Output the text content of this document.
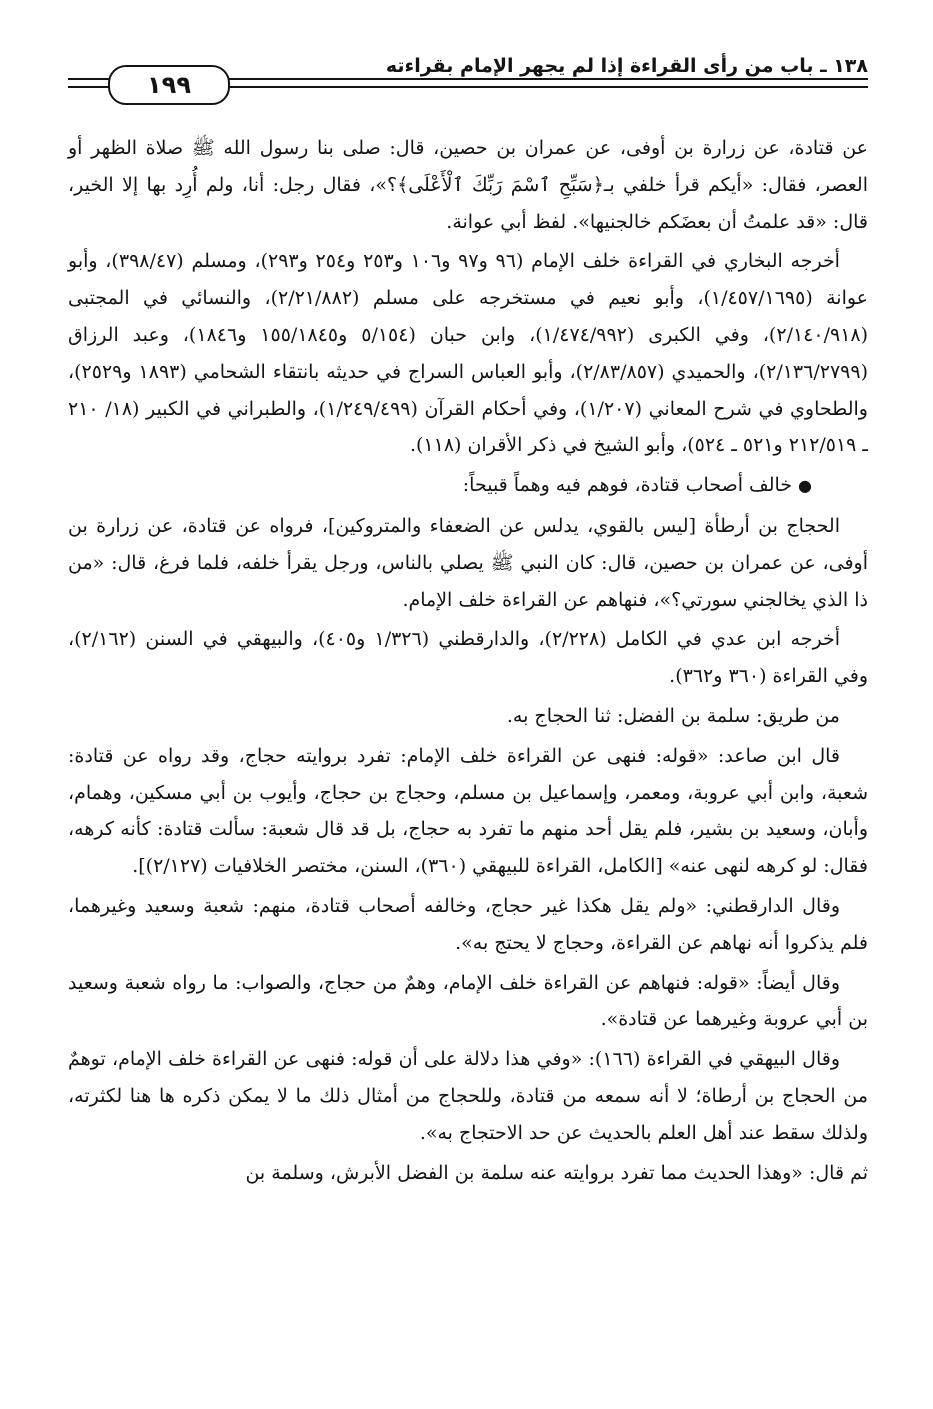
١٩٩
١٣٨ ـ باب من رأى القراءة إذا لم يجهر الإمام بقراءته

عن قتادة، عن زرارة بن أوفى، عن عمران بن حصين، قال: صلى بنا رسول الله ﷺ صلاة الظهر أو العصر، فقال: «أيكم قرأ خلفي بـ﴿سَبِّحِ ٱسْمَ رَبِّكَ ٱلْأَعْلَى﴾؟»، فقال رجل: أنا، ولم أُرِد بها إلا الخير، قال: «قد علمتُ أن بعضَكم خالجنيها». لفظ أبي عوانة.

أخرجه البخاري في القراءة خلف الإمام (٩٦ و٩٧ و١٠٦ و٢٥٣ و٢٥٤ و٢٩٣)، ومسلم (٣٩٨/٤٧)، وأبو عوانة (١/٤٥٧/١٦٩٥)، وأبو نعيم في مستخرجه على مسلم (٢/٢١/٨٨٢)، والنسائي في المجتبى (٢/١٤٠/٩١٨)، وفي الكبرى (١/٤٧٤/٩٩٢)، وابن حبان (٥/١٥٤ و١٥٥/١٨٤٥ و١٨٤٦)، وعبد الرزاق (٢/١٣٦/٢٧٩٩)، والحميدي (٢/٨٣/٨٥٧)، وأبو العباس السراج في حديثه بانتقاء الشحامي (١٨٩٣ و٢٥٢٩)، والطحاوي في شرح المعاني (١/٢٠٧)، وفي أحكام القرآن (١/٢٤٩/٤٩٩)، والطبراني في الكبير (١٨/ ٢١٠ ـ ٢١٢/٥١٩ و٥٢١ ـ ٥٢٤)، وأبو الشيخ في ذكر الأقران (١١٨).

●خالف أصحاب قتادة، فوهم فيه وهماً قبيحاً:

الحجاج بن أرطأة [ليس بالقوي، يدلس عن الضعفاء والمتروكين]، فرواه عن قتادة، عن زرارة بن أوفى، عن عمران بن حصين، قال: كان النبي ﷺ يصلي بالناس، ورجل يقرأ خلفه، فلما فرغ، قال: «من ذا الذي يخالجني سورتي؟»، فنهاهم عن القراءة خلف الإمام.

أخرجه ابن عدي في الكامل (٢/٢٢٨)، والدارقطني (١/٣٢٦ و٤٠٥)، والبيهقي في السنن (٢/١٦٢)، وفي القراءة (٣٦٠ و٣٦٢).

من طريق: سلمة بن الفضل: ثنا الحجاج به.

قال ابن صاعد: «قوله: فنهى عن القراءة خلف الإمام: تفرد بروايته حجاج، وقد رواه عن قتادة: شعبة، وابن أبي عروبة، ومعمر، وإسماعيل بن مسلم، وحجاج بن حجاج، وأيوب بن أبي مسكين، وهمام، وأبان، وسعيد بن بشير، فلم يقل أحد منهم ما تفرد به حجاج، بل قد قال شعبة: سألت قتادة: كأنه كرهه، فقال: لو كرهه لنهى عنه» [الكامل، القراءة للبيهقي (٣٦٠)، السنن، مختصر الخلافيات (٢/١٢٧)].

وقال الدارقطني: «ولم يقل هكذا غير حجاج، وخالفه أصحاب قتادة، منهم: شعبة وسعيد وغيرهما، فلم يذكروا أنه نهاهم عن القراءة، وحجاج لا يحتج به».

وقال أيضاً: «قوله: فنهاهم عن القراءة خلف الإمام، وهمٌ من حجاج، والصواب: ما رواه شعبة وسعيد بن أبي عروبة وغيرهما عن قتادة».

وقال البيهقي في القراءة (١٦٦): «وفي هذا دلالة على أن قوله: فنهى عن القراءة خلف الإمام، توهمٌ من الحجاج بن أرطاة؛ لا أنه سمعه من قتادة، وللحجاج من أمثال ذلك ما لا يمكن ذكره ها هنا لكثرته، ولذلك سقط عند أهل العلم بالحديث عن حد الاحتجاج به».

ثم قال: «وهذا الحديث مما تفرد بروايته عنه سلمة بن الفضل الأبرش، وسلمة بن
